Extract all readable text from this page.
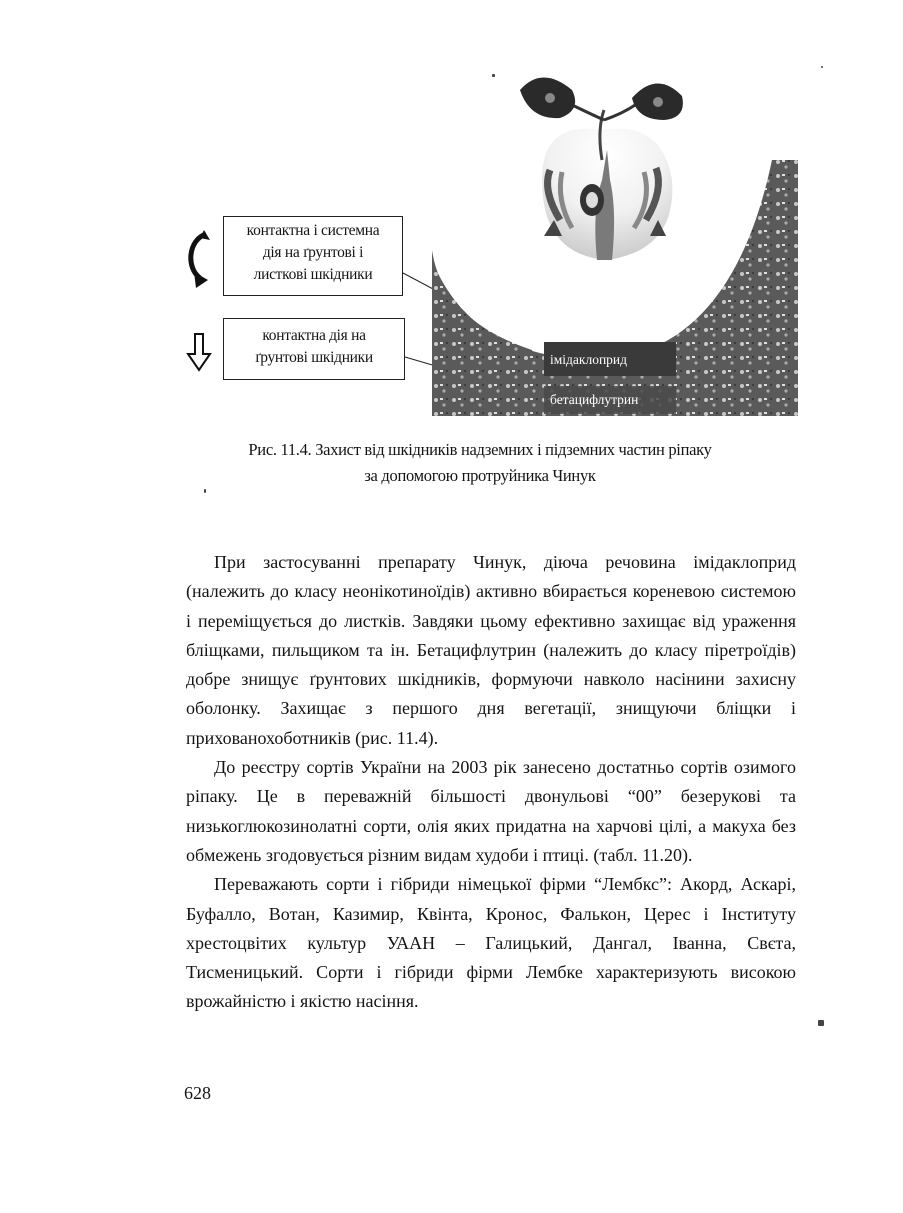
контактна і системна
дія на ґрунтові і
листкові шкідники
контактна дія на
ґрунтові шкідники	імідаклоприд
бетацифлутрин
Рис. 11.4. Захист від шкідників надземних і підземних частин ріпаку
за допомогою протруйника Чинук

При застосуванні препарату Чинук, діюча речовина імідаклоприд (належить до класу неонікотиноїдів) активно вбирається кореневою системою і переміщується до листків. Завдяки цьому ефективно захищає від ураження бліщками, пильщиком та ін. Бетацифлутрин (належить до класу піретроїдів) добре знищує ґрунтових шкідників, формуючи навколо насінини захисну оболонку. Захищає з першого дня вегетації, знищуючи бліщки і прихованохоботників (рис. 11.4).

До реєстру сортів України на 2003 рік занесено достатньо сортів озимого ріпаку. Це в переважній більшості двонульові “00” безерукові та низькоглюкозинолатні сорти, олія яких придатна на харчові цілі, а макуха без обмежень згодовується різним видам худоби і птиці. (табл. 11.20).

Переважають сорти і гібриди німецької фірми “Лембкс”: Акорд, Аскарі, Буфалло, Вотан, Казимир, Квінта, Кронос, Фалькон, Церес і Інституту хрестоцвітих культур УААН – Галицький, Дангал, Іванна, Свєта, Тисменицький. Сорти і гібриди фірми Лембке характеризують високою врожайністю і якістю насіння.

628
